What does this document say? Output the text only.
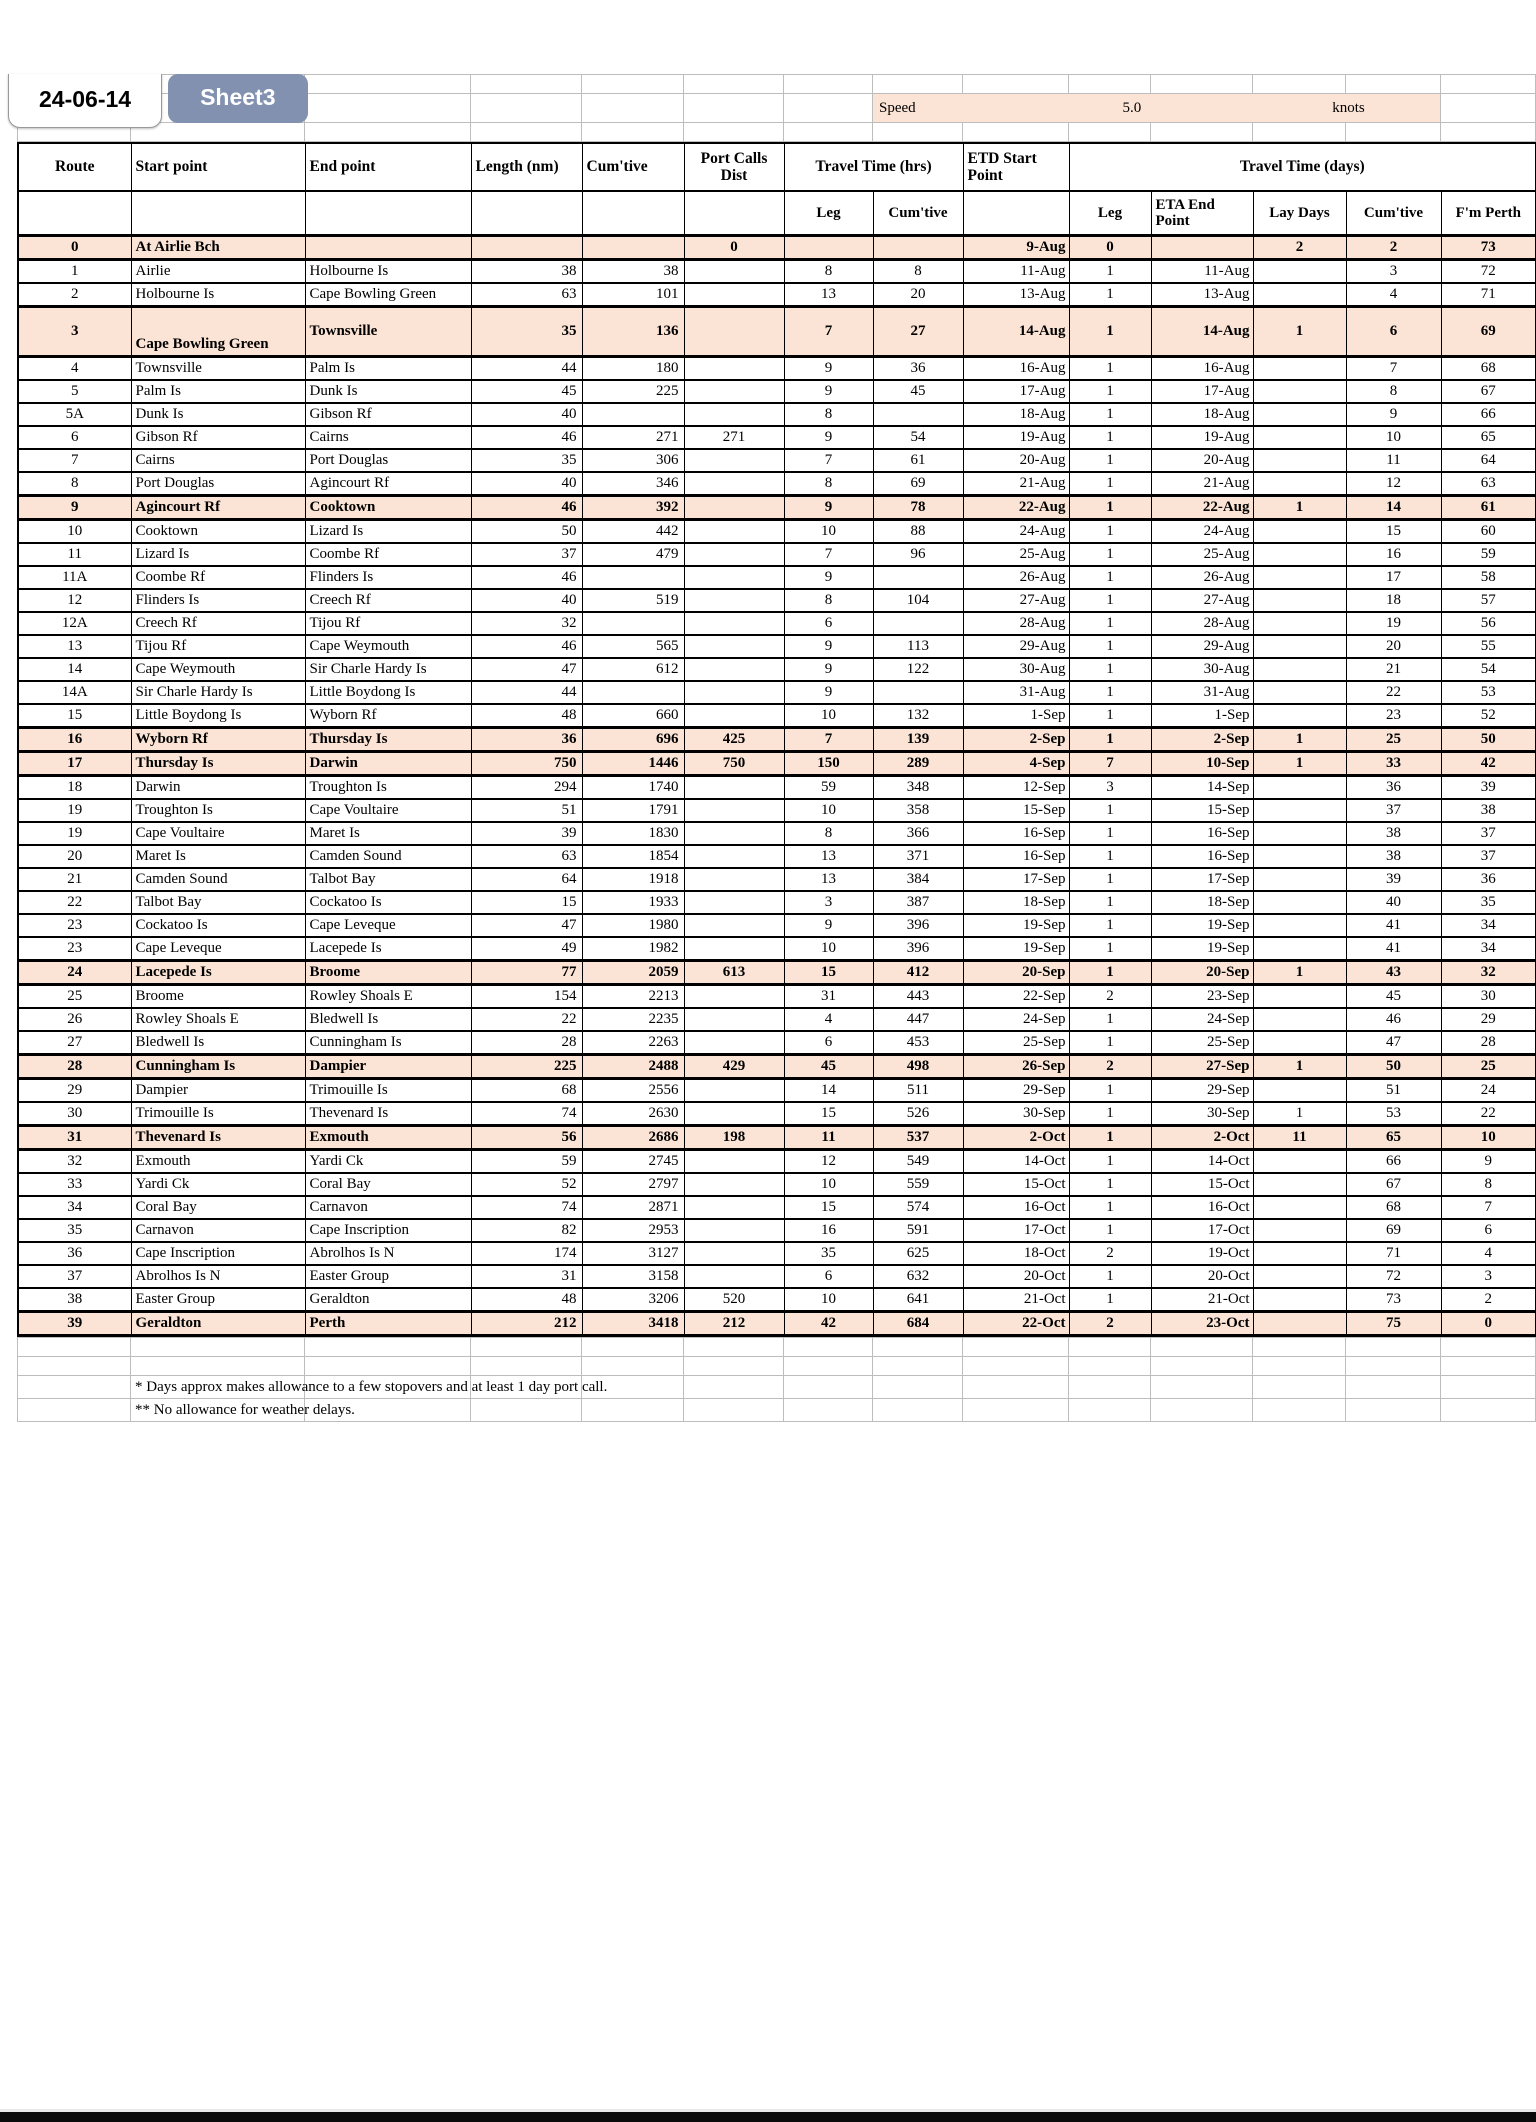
24-06-14	Sheet3

							Speed 5.0 knots						

Route	Start point	End point	Length (nm)	Cum'tive	Port Calls Dist	Travel Time (hrs)		ETD Start Point	Travel Time (days)				
						Leg	Cum'tive		Leg	ETA End Point	Lay Days	Cum'tive	F'm Perth
0	At Airlie Bch				0			9-Aug	0		2	2	73
1	Airlie	Holbourne Is	38	38		8	8	11-Aug	1	11-Aug		3	72
2	Holbourne Is	Cape Bowling Green	63	101		13	20	13-Aug	1	13-Aug		4	71
3	Cape Bowling Green	Townsville	35	136		7	27	14-Aug	1	14-Aug	1	6	69
4	Townsville	Palm Is	44	180		9	36	16-Aug	1	16-Aug		7	68
5	Palm Is	Dunk Is	45	225		9	45	17-Aug	1	17-Aug		8	67
5A	Dunk Is	Gibson Rf	40			8		18-Aug	1	18-Aug		9	66
6	Gibson Rf	Cairns	46	271	271	9	54	19-Aug	1	19-Aug		10	65
7	Cairns	Port Douglas	35	306		7	61	20-Aug	1	20-Aug		11	64
8	Port Douglas	Agincourt Rf	40	346		8	69	21-Aug	1	21-Aug		12	63
9	Agincourt Rf	Cooktown	46	392		9	78	22-Aug	1	22-Aug	1	14	61
10	Cooktown	Lizard Is	50	442		10	88	24-Aug	1	24-Aug		15	60
11	Lizard Is	Coombe Rf	37	479		7	96	25-Aug	1	25-Aug		16	59
11A	Coombe Rf	Flinders Is	46			9		26-Aug	1	26-Aug		17	58
12	Flinders Is	Creech Rf	40	519		8	104	27-Aug	1	27-Aug		18	57
12A	Creech Rf	Tijou Rf	32			6		28-Aug	1	28-Aug		19	56
13	Tijou Rf	Cape Weymouth	46	565		9	113	29-Aug	1	29-Aug		20	55
14	Cape Weymouth	Sir Charle Hardy Is	47	612		9	122	30-Aug	1	30-Aug		21	54
14A	Sir Charle Hardy Is	Little Boydong Is	44			9		31-Aug	1	31-Aug		22	53
15	Little Boydong Is	Wyborn Rf	48	660		10	132	1-Sep	1	1-Sep		23	52
16	Wyborn Rf	Thursday Is	36	696	425	7	139	2-Sep	1	2-Sep	1	25	50
17	Thursday Is	Darwin	750	1446	750	150	289	4-Sep	7	10-Sep	1	33	42
18	Darwin	Troughton Is	294	1740		59	348	12-Sep	3	14-Sep		36	39
19	Troughton Is	Cape Voultaire	51	1791		10	358	15-Sep	1	15-Sep		37	38
19	Cape Voultaire	Maret Is	39	1830		8	366	16-Sep	1	16-Sep		38	37
20	Maret Is	Camden Sound	63	1854		13	371	16-Sep	1	16-Sep		38	37
21	Camden Sound	Talbot Bay	64	1918		13	384	17-Sep	1	17-Sep		39	36
22	Talbot Bay	Cockatoo Is	15	1933		3	387	18-Sep	1	18-Sep		40	35
23	Cockatoo Is	Cape Leveque	47	1980		9	396	19-Sep	1	19-Sep		41	34
23	Cape Leveque	Lacepede Is	49	1982		10	396	19-Sep	1	19-Sep		41	34
24	Lacepede Is	Broome	77	2059	613	15	412	20-Sep	1	20-Sep	1	43	32
25	Broome	Rowley Shoals E	154	2213		31	443	22-Sep	2	23-Sep		45	30
26	Rowley Shoals E	Bledwell Is	22	2235		4	447	24-Sep	1	24-Sep		46	29
27	Bledwell Is	Cunningham Is	28	2263		6	453	25-Sep	1	25-Sep		47	28
28	Cunningham Is	Dampier	225	2488	429	45	498	26-Sep	2	27-Sep	1	50	25
29	Dampier	Trimouille Is	68	2556		14	511	29-Sep	1	29-Sep		51	24
30	Trimouille Is	Thevenard Is	74	2630		15	526	30-Sep	1	30-Sep	1	53	22
31	Thevenard Is	Exmouth	56	2686	198	11	537	2-Oct	1	2-Oct	11	65	10
32	Exmouth	Yardi Ck	59	2745		12	549	14-Oct	1	14-Oct		66	9
33	Yardi Ck	Coral Bay	52	2797		10	559	15-Oct	1	15-Oct		67	8
34	Coral Bay	Carnavon	74	2871		15	574	16-Oct	1	16-Oct		68	7
35	Carnavon	Cape Inscription	82	2953		16	591	17-Oct	1	17-Oct		69	6
36	Cape Inscription	Abrolhos Is N	174	3127		35	625	18-Oct	2	19-Oct		71	4
37	Abrolhos Is N	Easter Group	31	3158		6	632	20-Oct	1	20-Oct		72	3
38	Easter Group	Geraldton	48	3206	520	10	641	21-Oct	1	21-Oct		73	2
39	Geraldton	Perth	212	3418	212	42	684	22-Oct	2	23-Oct		75	0

	* Days approx makes allowance to a few stopovers and at least 1 day port call.												
	** No allowance for weather delays.												
